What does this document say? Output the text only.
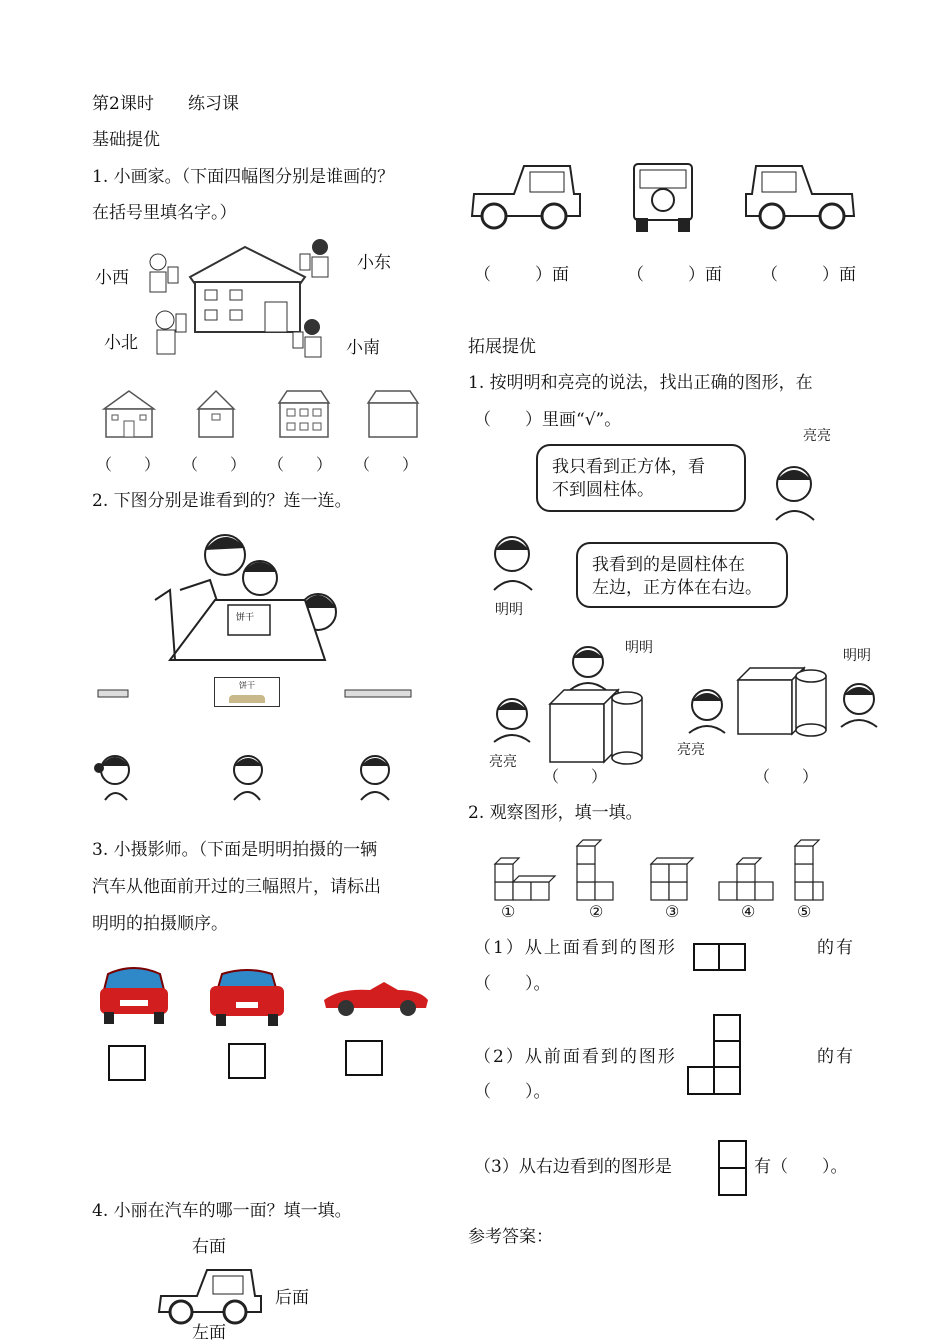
第2课时 练习课
基础提优
1. 小画家。（下面四幅图分别是谁画的？
在括号里填名字。）
小西
小东
小北	小南
（　　） （　　） （　　） （　　）
2. 下图分别是谁看到的？连一连。
饼干
饼干
3. 小摄影师。（下面是明明拍摄的一辆
汽车从他面前开过的三幅照片，请标出
明明的拍摄顺序。
4. 小丽在汽车的哪一面？填一填。
右面
后面
左面
（	）面	（	）面 （	）面
拓展提优
1. 按明明和亮亮的说法，找出正确的图形，在
（　　）里画“√”。
亮亮
我只看到正方体，看
不到圆柱体。
明明
我看到的是圆柱体在
左边，正方体在右边。
明明
亮亮
（　　）
亮亮
明明
（　　）
2. 观察图形，填一填。
①	②	③	④	⑤
（1）从上面看到的图形	的有
（　　）。
（2）从前面看到的图形	的有
（　　）。
（3）从右边看到的图形是	有（　　）。
参考答案：
